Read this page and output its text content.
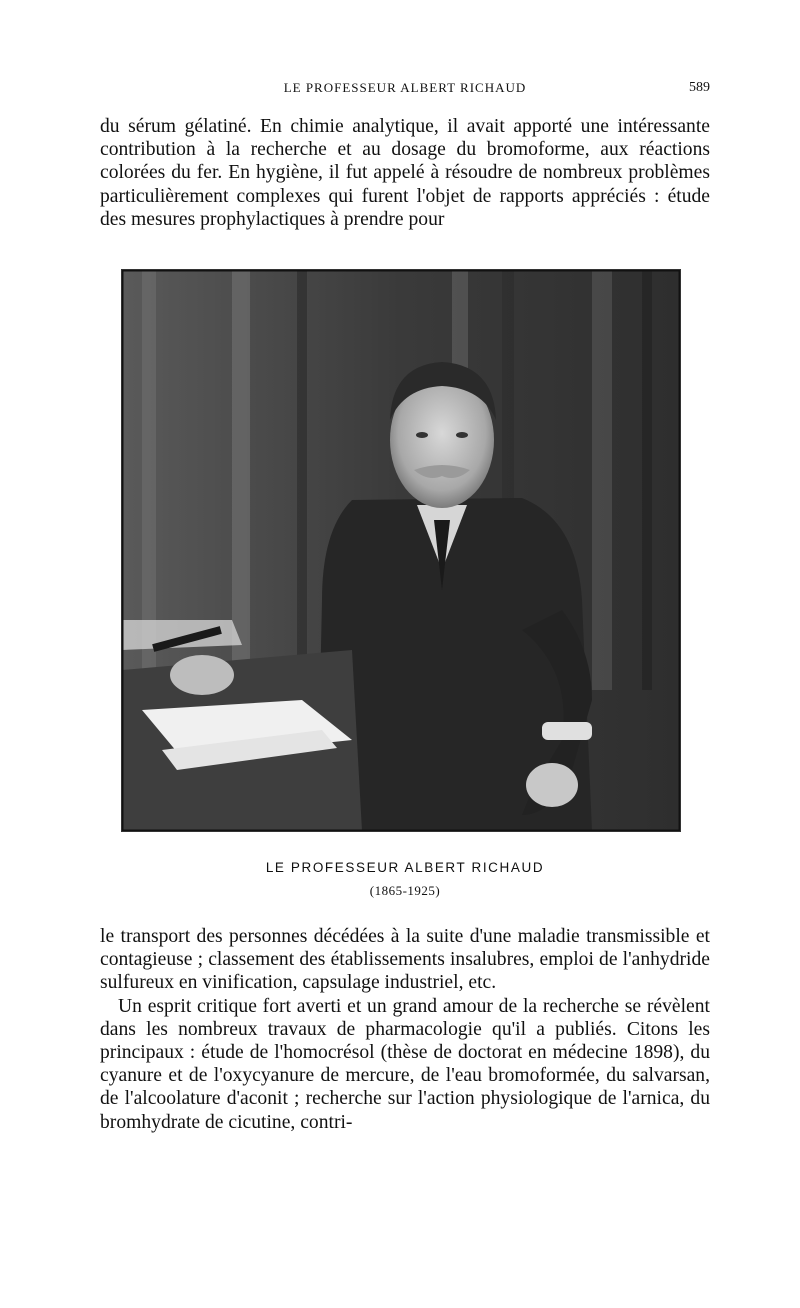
LE PROFESSEUR ALBERT RICHAUD	589

du sérum gélatiné. En chimie analytique, il avait apporté une intéressante contribution à la recherche et au dosage du bromoforme, aux réactions colorées du fer. En hygiène, il fut appelé à résoudre de nombreux problèmes particulièrement complexes qui furent l'objet de rapports appréciés : étude des mesures prophylactiques à prendre pour

LE PROFESSEUR ALBERT RICHAUD
(1865-1925)

le transport des personnes décédées à la suite d'une maladie transmissible et contagieuse ; classement des établissements insalubres, emploi de l'anhydride sulfureux en vinification, capsulage industriel, etc.

Un esprit critique fort averti et un grand amour de la recherche se révèlent dans les nombreux travaux de pharmacologie qu'il a publiés. Citons les principaux : étude de l'homocrésol (thèse de doctorat en médecine 1898), du cyanure et de l'oxycyanure de mercure, de l'eau bromoformée, du salvarsan, de l'alcoolature d'aconit ; recherche sur l'action physiologique de l'arnica, du bromhydrate de cicutine, contri-
